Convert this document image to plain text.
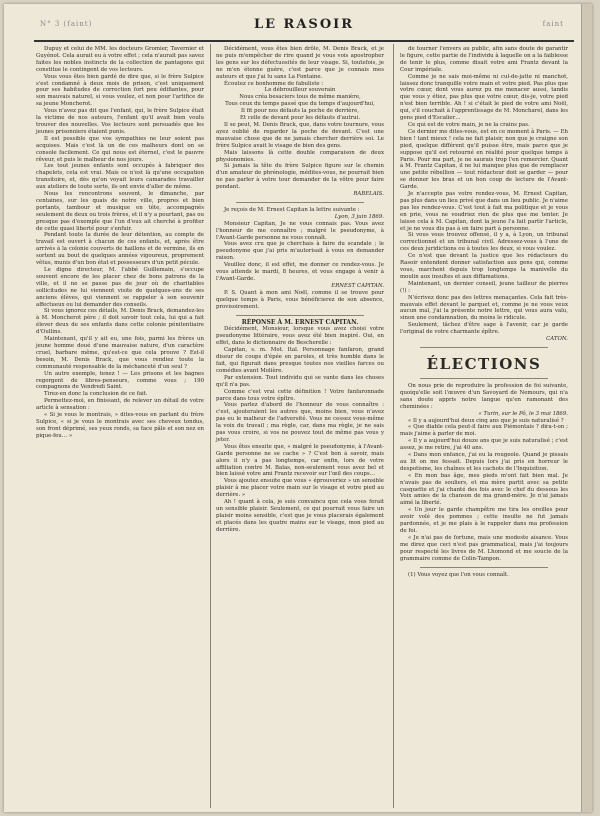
N° 3 (faint)	LE RASOIR	faint

Dupuy et celui de MM. les docteurs Gromier, Tavernier et Guyénot. Cela aurait eu à votre effet ; cela n'aurait pas savez faites les nobles instincts de la collection de pantagons qui constitue le contingent de vos lecteurs.

Vous vous êtes bien gardé de dire que, si le frère Sulpice s'est condamné à deux mois de prison, c'est uniquement pour ses habitudes de correction fort peu édifiantes, pour son mauvais naturel, si vous voulez, et non pour l'artifice de sa jeune Moncherot.

Vous n'avez pas dit que l'enfant, qui, le frère Sulpice était la victime de nos auteurs, l'enfant qu'il avait bien voulu trouver des nouvelles. Vos lecteurs sont persuadés que les jeunes prisonniers étaient punis.

Il est possible que vos sympathies ne leur soient pas acquises. Mais c'est là un de ces malheurs dont on se console facilement. Ce qui nous est éternel, c'est le pauvre rêveur, et puis le malheur de nos jours.

Les tout jeunes enfants sont occupés à fabriquer des chapelets, cela est vrai. Mais ce n'est là qu'une occupation transitoire, et, dès qu'on voyait leurs camarades travailler aux ateliers de toute sorte, ils ont envie d'aller de même.

Nous les rencontrons souvent, le dimanche, par centaines, sur les quais de notre ville, propres et bien portants, tambour et musique en tête, accompagnés seulement de deux ou trois frères, et il n'y a pourtant, pas ou presque pas d'exemple que l'un d'eux ait cherché à profiter de cette quasi liberté pour s'enfuir.

Pendant toute la durée de leur détention, au compte de travail est ouvert à chacun de ces enfants, et, après être arrivés à la colonie couverts de haillons et de vermine, ils en sortent au bout de quelques années vigoureux, proprement vêtus, munis d'un bon état et possesseurs d'un petit pécule.

Le digne directeur, M. l'abbé Guillemain, s'occupe souvent encore de les placer chez de bons patrons de la ville, et il ne se passe pas de jour où de charitables sollicitudes ne lui viennent visite de quelques-uns de ses anciens élèves, qui viennent se rappeler à son souvenir affectueux ou lui demander des conseils.

Si vous ignorez ces détails, M. Denis Brack, demandez-les à M. Moncherot père ; il doit savoir tout cela, lui qui a fait élever deux de ses enfants dans cette colonie pénitentiaire d'Oullins.

Maintenant, qu'il y ait eu, une fois, parmi les frères un jeune homme doué d'une mauvaise nature, d'un caractère cruel, barbare même, qu'est-ce que cela prouve ? Est-il besoin, M. Denis Brack, que vous rendiez toute la communauté responsable de la méchanceté d'un seul ?

Un autre exemple, tenez ! — Les prisons et les bagnes regorgent de libres-penseurs, comme vous ; 190 compagnons de Vendredi Saint.

Tirez-en donc la conclusion de ce fait.

Permettez-moi, en finissant, de relever un détail de votre article à sensation :

« Si je vous le montrais, » dites-vous en parlant du frère Sulpice, « si je vous le montrais avec ses cheveux tondus, son front déprimé, ses yeux ronds, sa face pâle et son nez en pique-feu… »

Décidément, vous êtes bien drôle, M. Denis Brack, et je ne puis m'empêcher de rire quand je vous vois apostropher les gens sur les défectuosités de leur visage. Si, toutefois, je ne m'en étonne guère, c'est parce que je connais mes auteurs et que j'ai lu sans La Fontaine.

Écoutez ce bonhomme de fabuliste :

Le débrouilleur souverain

Nous créa besaciers tous de même manière,

Tous ceux du temps passé que du temps d'aujourd'hui,

Il fit pour nos défauts la poche de derrière,

Et celle de devant pour les défauts d'autrui.

Il se peut, M. Denis Brack, que, dans votre tournure, vous ayez oublié de regarder la poche de devant. C'est une mauvaise chose que de ne jamais chercher derrière soi. Le frère Sulpice avait le visage de bien des gens.

Mais laissons là cette double comparaison de deux physionomies.

Si jamais la tête du frère Sulpice figure sur le chemin d'un amateur de phrénologie, médites-vous, ne pourrait bien ne pas parler à votre tour demander de la vôtre pour faire pendant.

RABELAIS.

Je reçois de M. Ernest Capitan la lettre suivante :

Lyon, 3 juin 1869.

Monsieur Capitan, Je ne vous connais pas. Vous avez l'honneur de me connaître ; malgré le pseudonyme, à l'Avant-Garde personne ne vous connaît.

Vous avez cru que je cherchais à faire du scandale ; le pseudonyme que j'ai pris m'autorisait à vous en demander raison.

Veuillez donc, il est effet, me donner ce rendez-vous. Je vous attends le mardi, 8 heures, et vous engage à venir à l'Avant-Garde.

ERNEST CAPITAN.

P. S. Quant à mon ami Noël, comme il se trouve pour quelque temps à Paris, vous bénéficierez de son absence, provisoirement.

RÉPONSE À M. ERNEST CAPITAN.

Décidément, Monsieur, lorsque vous avez choisi votre pseudonyme littéraire, vous avez été bien inspiré. Oui, en effet, dans le dictionnaire de Bescherelle :

Capitan, s. m. Mot. Ital. Personnage fanfaron, grand diseur de coups d'épée en paroles, et très humble dans le fait, qui figurait dans presque toutes nos vieilles farces ou comédies avant Molière.

Par extension. Tout individu qui se vante dans les choses qu'il n'a pas.

Comme c'est vrai cette définition ! Votre fanfaronnade parce dans tous votre épître.

Vous parlez d'abord de l'honneur de vous connaître : c'est, ajouteraient les autres que, moins bien, vous n'avez pas eu le malheur de l'adversité. Vous ne cessez vous-même la voix du travail ; ma règle, car, dans ma règle, je ne sais pas vous croire, si vos ne pouvez tout de même pas vous y jeter.

Vous êtes ensuite que, « malgré le pseudonyme, à l'Avant-Garde personne ne se cache » ? C'est bon à savoir, mais alors il n'y a pas longtemps, car enfin, lors de votre affiliation contre M. Balas, non-seulement vous avez bel et bien laissé votre ami Frantz recevoir sur l'œil des coups…

Vous ajoutez ensuite que vous « éprouveriez » un sensible plaisir à me placer votre main sur le visage et votre pied au derrière. »

Ah ! quant à cela, je suis convaincu que cela vous ferait un sensible plaisir. Seulement, ce qui pourrait vous faire un plaisir moins sensible, c'est que je vous placerais également et placés dans les quatre mains sur le visage, mon pied au derrière.

de tourner l'envers au public, afin sans doute de garantir le figure, cette partie de l'individu à laquelle on a la faiblesse de tenir le plus, comme disait votre ami Frantz devant la Cour impériale.

Comme je ne sais moi-même ni cul-de-jatte ni manchot, laissez donc tranquille votre main et votre pied. Pas plus que votre cœur, dont vous aurez pu me menacer aussi, tandis que vous y étiez, pas plus que votre cœur, dis-je, votre pied n'est bien terrible. Ah ! si c'était le pied de votre ami Noël, qui, s'il couchait à l'apprentissage de M. Moncharel, dans les gens pied d'Escalier…

Ce qui est de votre main, je ne la crains pas.

Ce dernier me dites-vous, est en ce moment à Paris. — Eh bien ! tant mieux ! cela ne fait plaisir, non que je craigne son pied, quelque différent qu'il puisse être, mais parce que je suppose qu'il est retourné en réalité pour quelque temps à Paris. Pour ma part, je ne saurais trop l'en remercier. Quant à M. Frantz Capitan, il ne lui manque plus que de remplacer une petite rébellion — tout rédacteur doit se garder — pour se donner les bras et un bon coup de lecture de l'Avant-Garde.

Je n'accepte pas votre rendez-vous, M. Ernest Capitan, pas plus dans un lieu privé que dans un lieu public. Je n'aime pas les rendez-vous. C'est tout à fait ma politique et je vous en prie, vous ne voudriez rien de plus que me tenter. Je laisse cela à M. Capitan, dont la jeune l'a fait partir l'article, et je ne vous dis pas à en faire part à personne.

Si vous vous trouvez offensé, il y a, à Lyon, un tribunal correctionnel et un tribunal civil. Adressez-vous à l'une de ces deux juridictions ou à toutes les deux, si vous voulez.

Ce n'est que devant la justice que les rédacteurs du Rasoir entendent donner satisfaction aux gens qui, comme vous, marchent depuis trop longtemps la manivelle du moulin aux insultes et aux diffamations.

Maintenant, un dernier conseil, jeune tailleur de pierres (!) :

N'écrivez donc pas des lettres menaçantes. Cela fait très-mauvais effet devant le parquet et, comme je ne vous veux aucun mal, j'ai la présente notre lettre, qui vous aura valu, sinon une condamnation, du moins le ridicule.

Seulement, tâchez d'être sage à l'avenir, car je garde l'original de votre charmante épître.

CATON.

ÉLECTIONS

On nous prie de reproduire la profession de foi suivante, quoiqu'elle soit l'œuvre d'un Savoyard de Nemours, qui n'a sans doute appris notre langue qu'en ramonant des cheminées :

« Turin, sur le Pô, le 3 mai 1869.

« Il y a aujourd'hui deux cinq ans que je suis naturalisé ?

« Que diable cela peut-il faire aux Piémontais ? dira-t-on ; mais j'aime à parler de moi.

« Il y a aujourd'hui douze ans que je suis naturalisé ; c'est assez, je me retire, j'ai 40 ans.

« Dans mon enfance, j'ai eu la rougeole. Quand je pissais au lit on me fessait. Depuis lors j'ai pris en horreur le despotisme, les chaînes et les cachots de l'Inquisition.

« En mon bas âge, mes pieds m'ont fait bien mal. Je n'avais pas de souliers, et ma mère partit avec sa petite casquette et j'ai chanté des fois avec le chef du dessous les Voix amies de la chanson de ma grand-mère. Je n'ai jamais aimé la liberté.

« Un jour le garde champêtre me tira les oreilles pour avoir volé des pommes ; cette insulte ne fut jamais pardonnée, et je me plais à le rappeler dans ma profession de foi.

« Je n'ai pas de fortune, mais une modeste aisance. Vous me direz que ceci n'est pas grammatical, mais j'ai toujours pour respecté les livres de M. Lhomond et me soucie de la grammaire comme de Colin-Tampon.

(1) Vous voyez que l'on vous connaît.
